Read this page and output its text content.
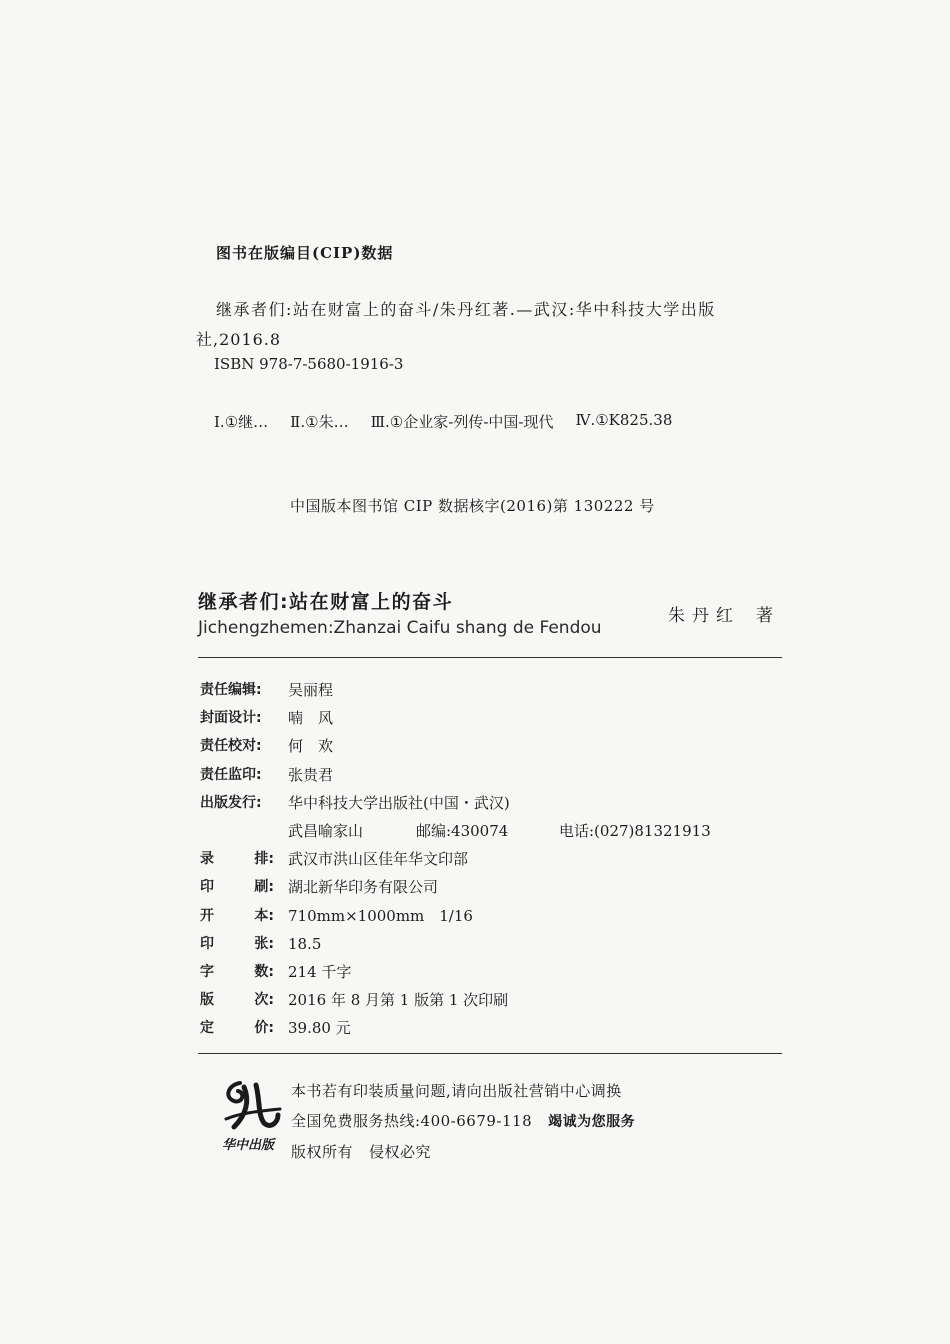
图书在版编目(CIP)数据
继承者们:站在财富上的奋斗/朱丹红著.—武汉:华中科技大学出版
社,2016.8
ISBN 978-7-5680-1916-3
Ⅰ.①继… Ⅱ.①朱… Ⅲ.①企业家-列传-中国-现代 Ⅳ.①K825.38
中国版本图书馆 CIP 数据核字(2016)第 130222 号
继承者们:站在财富上的奋斗
Jichengzhemen:Zhanzai Caifu shang de Fendou
朱丹红 著
责任编辑:	吴丽程
封面设计:	喃　风
责任校对:	何　欢
责任监印:	张贵君
出版发行:	华中科技大学出版社(中国・武汉)
武昌喻家山	邮编:430074	电话:(027)81321913
录	排: 武汉市洪山区佳年华文印部
印	刷: 湖北新华印务有限公司
开	本: 710mm×1000mm　1/16
印	张: 18.5
字	数: 214 千字
版	次: 2016 年 8 月第 1 版第 1 次印刷
定	价: 39.80 元
华中出版
本书若有印装质量问题,请向出版社营销中心调换
全国免费服务热线:400-6679-118 竭诚为您服务
版权所有 侵权必究
